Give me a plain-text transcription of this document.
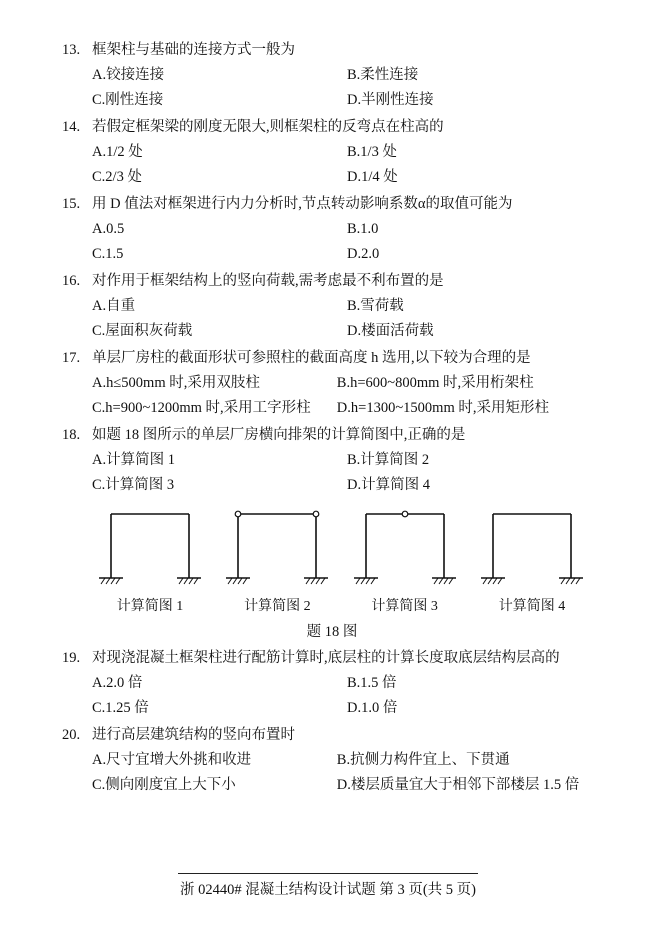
13. 框架柱与基础的连接方式一般为
A.铰接连接	B.柔性连接
C.刚性连接	D.半刚性连接
14. 若假定框架梁的刚度无限大,则框架柱的反弯点在柱高的
A.1/2 处	B.1/3 处
C.2/3 处	D.1/4 处
15. 用 D 值法对框架进行内力分析时,节点转动影响系数α的取值可能为
A.0.5	B.1.0
C.1.5	D.2.0
16. 对作用于框架结构上的竖向荷载,需考虑最不利布置的是
A.自重	B.雪荷载
C.屋面积灰荷载	D.楼面活荷载
17. 单层厂房柱的截面形状可参照柱的截面高度 h 选用,以下较为合理的是
A.h≤500mm 时,采用双肢柱	B.h=600~800mm 时,采用桁架柱
C.h=900~1200mm 时,采用工字形柱	D.h=1300~1500mm 时,采用矩形柱
18. 如题 18 图所示的单层厂房横向排架的计算简图中,正确的是
A.计算简图 1	B.计算简图 2
C.计算简图 3	D.计算简图 4
计算简图 1	计算简图 2	计算简图 3	计算简图 4
题 18 图
19. 对现浇混凝土框架柱进行配筋计算时,底层柱的计算长度取底层结构层高的
A.2.0 倍	B.1.5 倍
C.1.25 倍	D.1.0 倍
20. 进行高层建筑结构的竖向布置时
A.尺寸宜增大外挑和收进	B.抗侧力构件宜上、下贯通
C.侧向刚度宜上大下小	D.楼层质量宜大于相邻下部楼层 1.5 倍
浙 02440# 混凝土结构设计试题 第 3 页(共 5 页)
